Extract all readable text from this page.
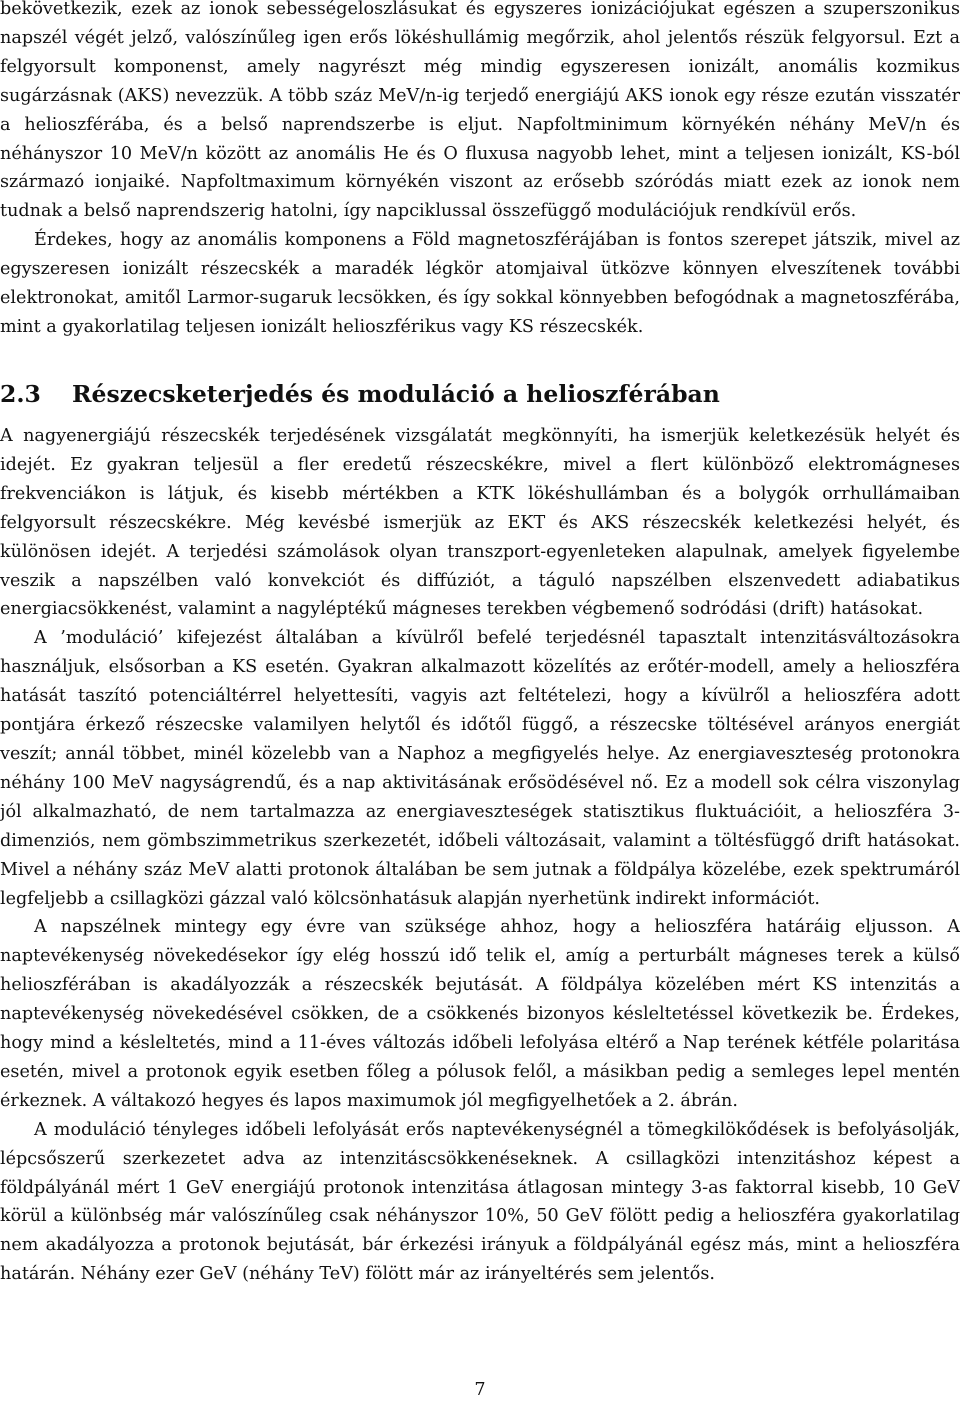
bekövetkezik, ezek az ionok sebességeloszlásukat és egyszeres ionizációjukat egészen a szuperszonikus napszél végét jelző, valószínűleg igen erős lökéshullámig megőrzik, ahol jelentős részük felgyorsul. Ezt a felgyorsult komponenst, amely nagyrészt még mindig egyszeresen ionizált, anomális kozmikus sugárzásnak (AKS) nevezzük. A több száz MeV/n-ig terjedő energiájú AKS ionok egy része ezután visszatér a helioszférába, és a belső naprendszerbe is eljut. Napfoltminimum környékén néhány MeV/n és néhányszor 10 MeV/n között az anomális He és O fluxusa nagyobb lehet, mint a teljesen ionizált, KS-ból származó ionjaiké. Napfoltmaximum környékén viszont az erősebb szóródás miatt ezek az ionok nem tudnak a belső naprendszerig hatolni, így napciklussal összefüggő modulációjuk rendkívül erős.

Érdekes, hogy az anomális komponens a Föld magnetoszférájában is fontos szerepet játszik, mivel az egyszeresen ionizált részecskék a maradék légkör atomjaival ütközve könnyen elveszítenek további elektronokat, amitől Larmor-sugaruk lecsökken, és így sokkal könnyebben befogódnak a magnetoszférába, mint a gyakorlatilag teljesen ionizált helioszférikus vagy KS részecskék.

2.3 Részecsketerjedés és moduláció a helioszférában

A nagyenergiájú részecskék terjedésének vizsgálatát megkönnyíti, ha ismerjük keletkezésük helyét és idejét. Ez gyakran teljesül a fler eredetű részecskékre, mivel a flert különböző elektromágneses frekvenciákon is látjuk, és kisebb mértékben a KTK lökéshullámban és a bolygók orrhullámaiban felgyorsult részecskékre. Még kevésbé ismerjük az EKT és AKS részecskék keletkezési helyét, és különösen idejét. A terjedési számolások olyan transzport-egyenleteken alapulnak, amelyek figyelembe veszik a napszélben való konvekciót és diffúziót, a táguló napszélben elszenvedett adiabatikus energiacsökkenést, valamint a nagyléptékű mágneses terekben végbemenő sodródási (drift) hatásokat.

A ’moduláció’ kifejezést általában a kívülről befelé terjedésnél tapasztalt intenzitásváltozásokra használjuk, elsősorban a KS esetén. Gyakran alkalmazott közelítés az erőtér-modell, amely a helioszféra hatását taszító potenciáltérrel helyettesíti, vagyis azt feltételezi, hogy a kívülről a helioszféra adott pontjára érkező részecske valamilyen helytől és időtől függő, a részecske töltésével arányos energiát veszít; annál többet, minél közelebb van a Naphoz a megfigyelés helye. Az energiaveszteség protonokra néhány 100 MeV nagyságrendű, és a nap aktivitásának erősödésével nő. Ez a modell sok célra viszonylag jól alkalmazható, de nem tartalmazza az energiaveszteségek statisztikus fluktuációit, a helioszféra 3-dimenziós, nem gömbszimmetrikus szerkezetét, időbeli változásait, valamint a töltésfüggő drift hatásokat. Mivel a néhány száz MeV alatti protonok általában be sem jutnak a földpálya közelébe, ezek spektrumáról legfeljebb a csillagközi gázzal való kölcsönhatásuk alapján nyerhetünk indirekt információt.

A napszélnek mintegy egy évre van szüksége ahhoz, hogy a helioszféra határáig eljusson. A naptevékenység növekedésekor így elég hosszú idő telik el, amíg a perturbált mágneses terek a külső helioszférában is akadályozzák a részecskék bejutását. A földpálya közelében mért KS intenzitás a naptevékenység növekedésével csökken, de a csökkenés bizonyos késleltetéssel következik be. Érdekes, hogy mind a késleltetés, mind a 11-éves változás időbeli lefolyása eltérő a Nap terének kétféle polaritása esetén, mivel a protonok egyik esetben főleg a pólusok felől, a másikban pedig a semleges lepel mentén érkeznek. A váltakozó hegyes és lapos maximumok jól megfigyelhetőek a 2. ábrán.

A moduláció tényleges időbeli lefolyását erős naptevékenységnél a tömegkilökődések is befolyásolják, lépcsőszerű szerkezetet adva az intenzitáscsökkenéseknek. A csillagközi intenzitáshoz képest a földpályánál mért 1 GeV energiájú protonok intenzitása átlagosan mintegy 3-as faktorral kisebb, 10 GeV körül a különbség már valószínűleg csak néhányszor 10%, 50 GeV fölött pedig a helioszféra gyakorlatilag nem akadályozza a protonok bejutását, bár érkezési irányuk a földpályánál egész más, mint a helioszféra határán. Néhány ezer GeV (néhány TeV) fölött már az irányeltérés sem jelentős.

7
